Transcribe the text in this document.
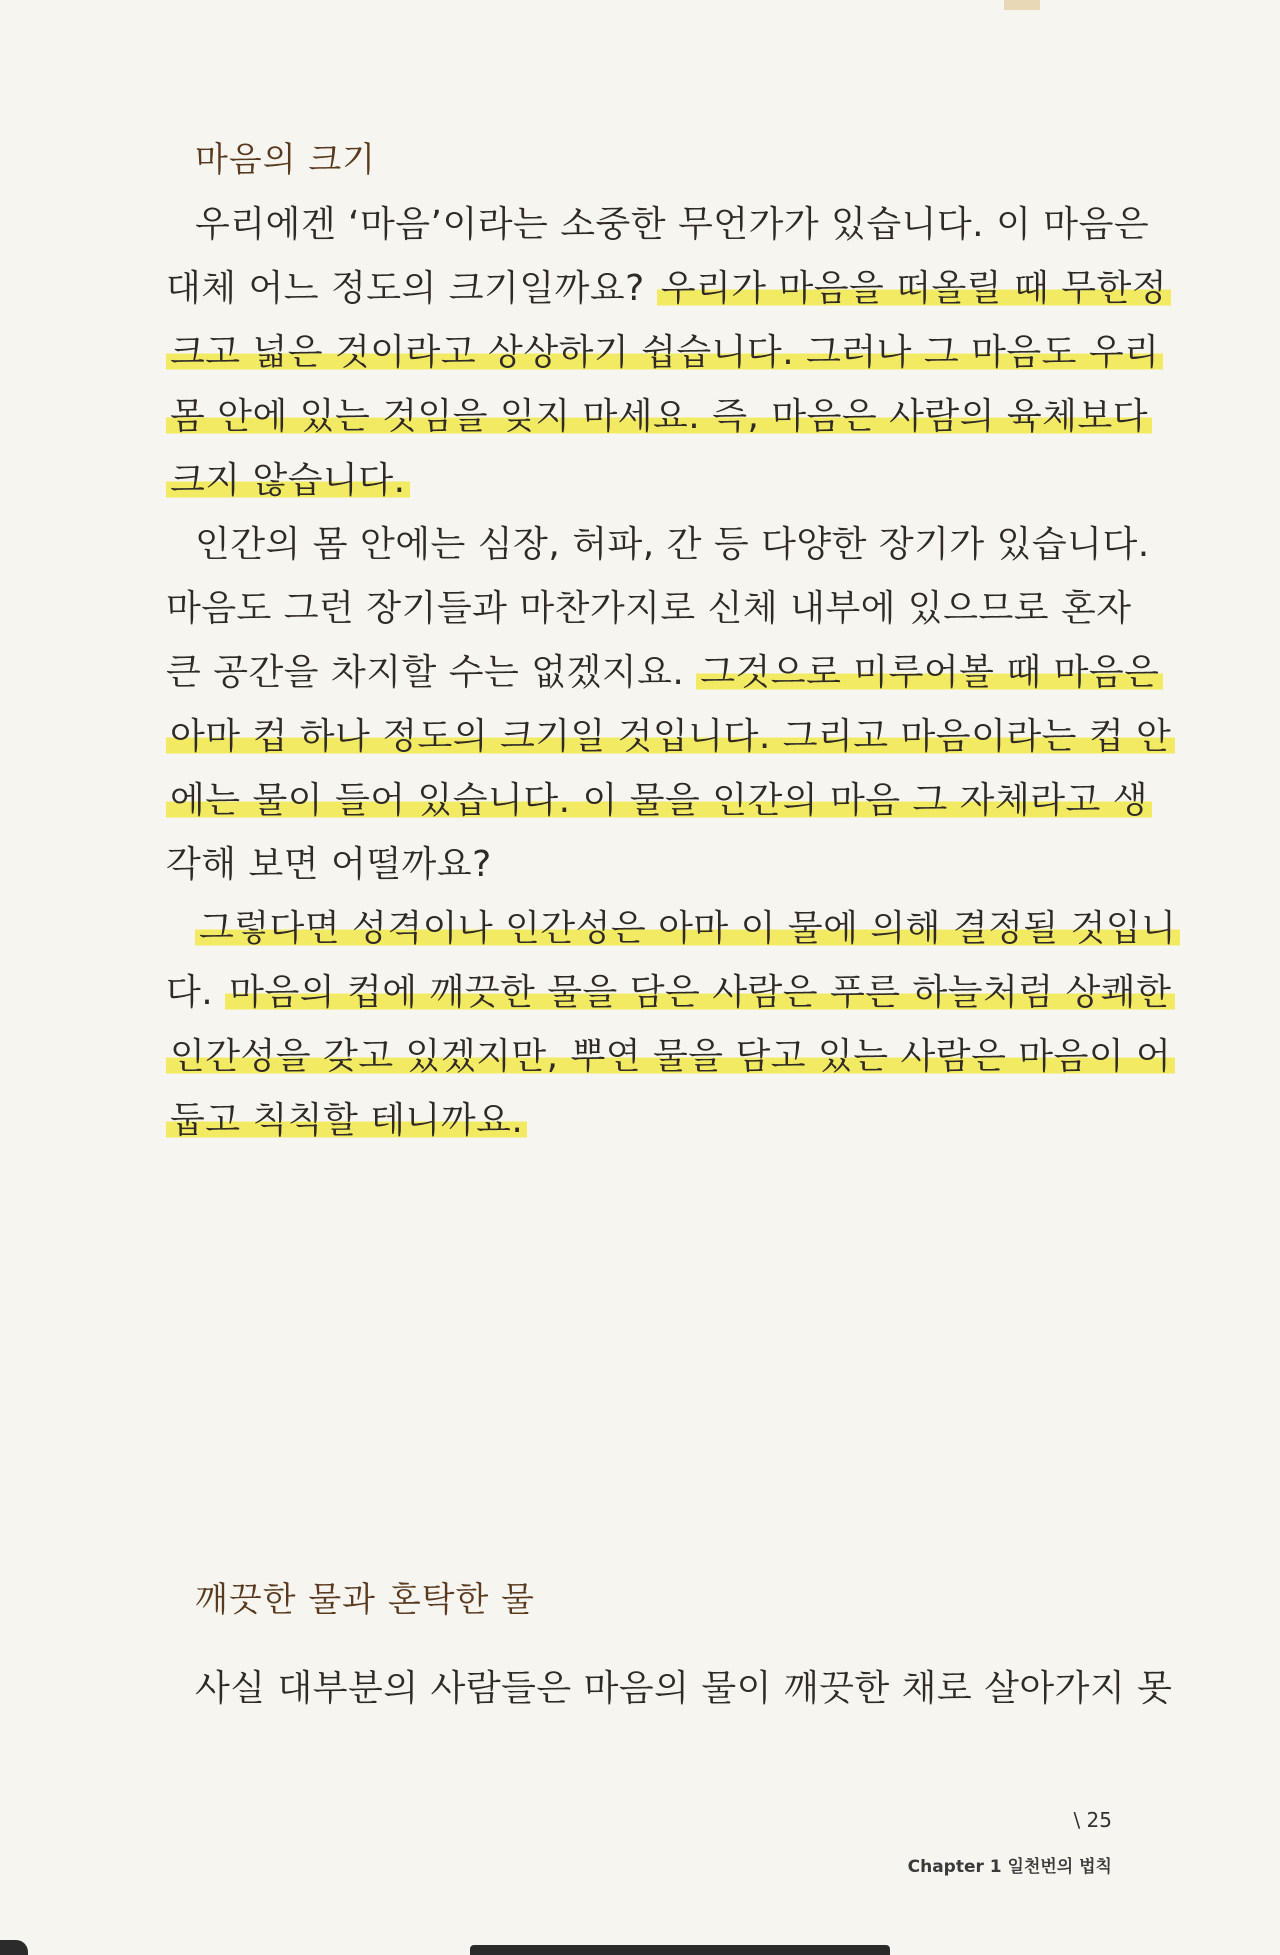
마음의 크기
우리에겐 ‘마음’이라는 소중한 무언가가 있습니다. 이 마음은
대체 어느 정도의 크기일까요? 우리가 마음을 떠올릴 때 무한정
크고 넓은 것이라고 상상하기 쉽습니다. 그러나 그 마음도 우리
몸 안에 있는 것임을 잊지 마세요. 즉, 마음은 사람의 육체보다
크지 않습니다.
인간의 몸 안에는 심장, 허파, 간 등 다양한 장기가 있습니다.
마음도 그런 장기들과 마찬가지로 신체 내부에 있으므로 혼자
큰 공간을 차지할 수는 없겠지요. 그것으로 미루어볼 때 마음은
아마 컵 하나 정도의 크기일 것입니다. 그리고 마음이라는 컵 안
에는 물이 들어 있습니다. 이 물을 인간의 마음 그 자체라고 생
각해 보면 어떨까요?
그렇다면 성격이나 인간성은 아마 이 물에 의해 결정될 것입니
다. 마음의 컵에 깨끗한 물을 담은 사람은 푸른 하늘처럼 상쾌한
인간성을 갖고 있겠지만, 뿌연 물을 담고 있는 사람은 마음이 어
둡고 칙칙할 테니까요.
깨끗한 물과 혼탁한 물
사실 대부분의 사람들은 마음의 물이 깨끗한 채로 살아가지 못
\ 25
Chapter 1 일천번의 법칙
